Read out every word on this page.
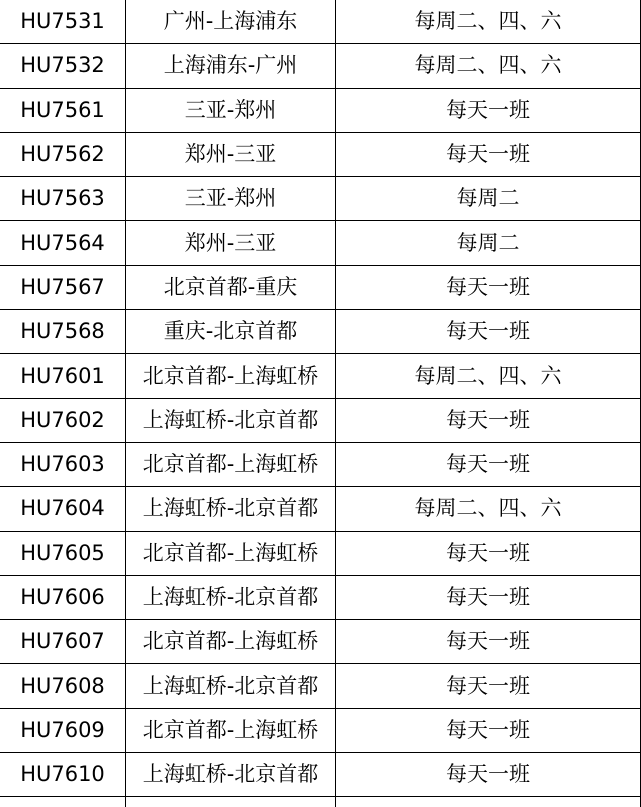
HU7531	广州-上海浦东	每周二、四、六
HU7532	上海浦东-广州	每周二、四、六
HU7561	三亚-郑州	每天一班
HU7562	郑州-三亚	每天一班
HU7563	三亚-郑州	每周二
HU7564	郑州-三亚	每周二
HU7567	北京首都-重庆	每天一班
HU7568	重庆-北京首都	每天一班
HU7601	北京首都-上海虹桥	每周二、四、六
HU7602	上海虹桥-北京首都	每天一班
HU7603	北京首都-上海虹桥	每天一班
HU7604	上海虹桥-北京首都	每周二、四、六
HU7605	北京首都-上海虹桥	每天一班
HU7606	上海虹桥-北京首都	每天一班
HU7607	北京首都-上海虹桥	每天一班
HU7608	上海虹桥-北京首都	每天一班
HU7609	北京首都-上海虹桥	每天一班
HU7610	上海虹桥-北京首都	每天一班
